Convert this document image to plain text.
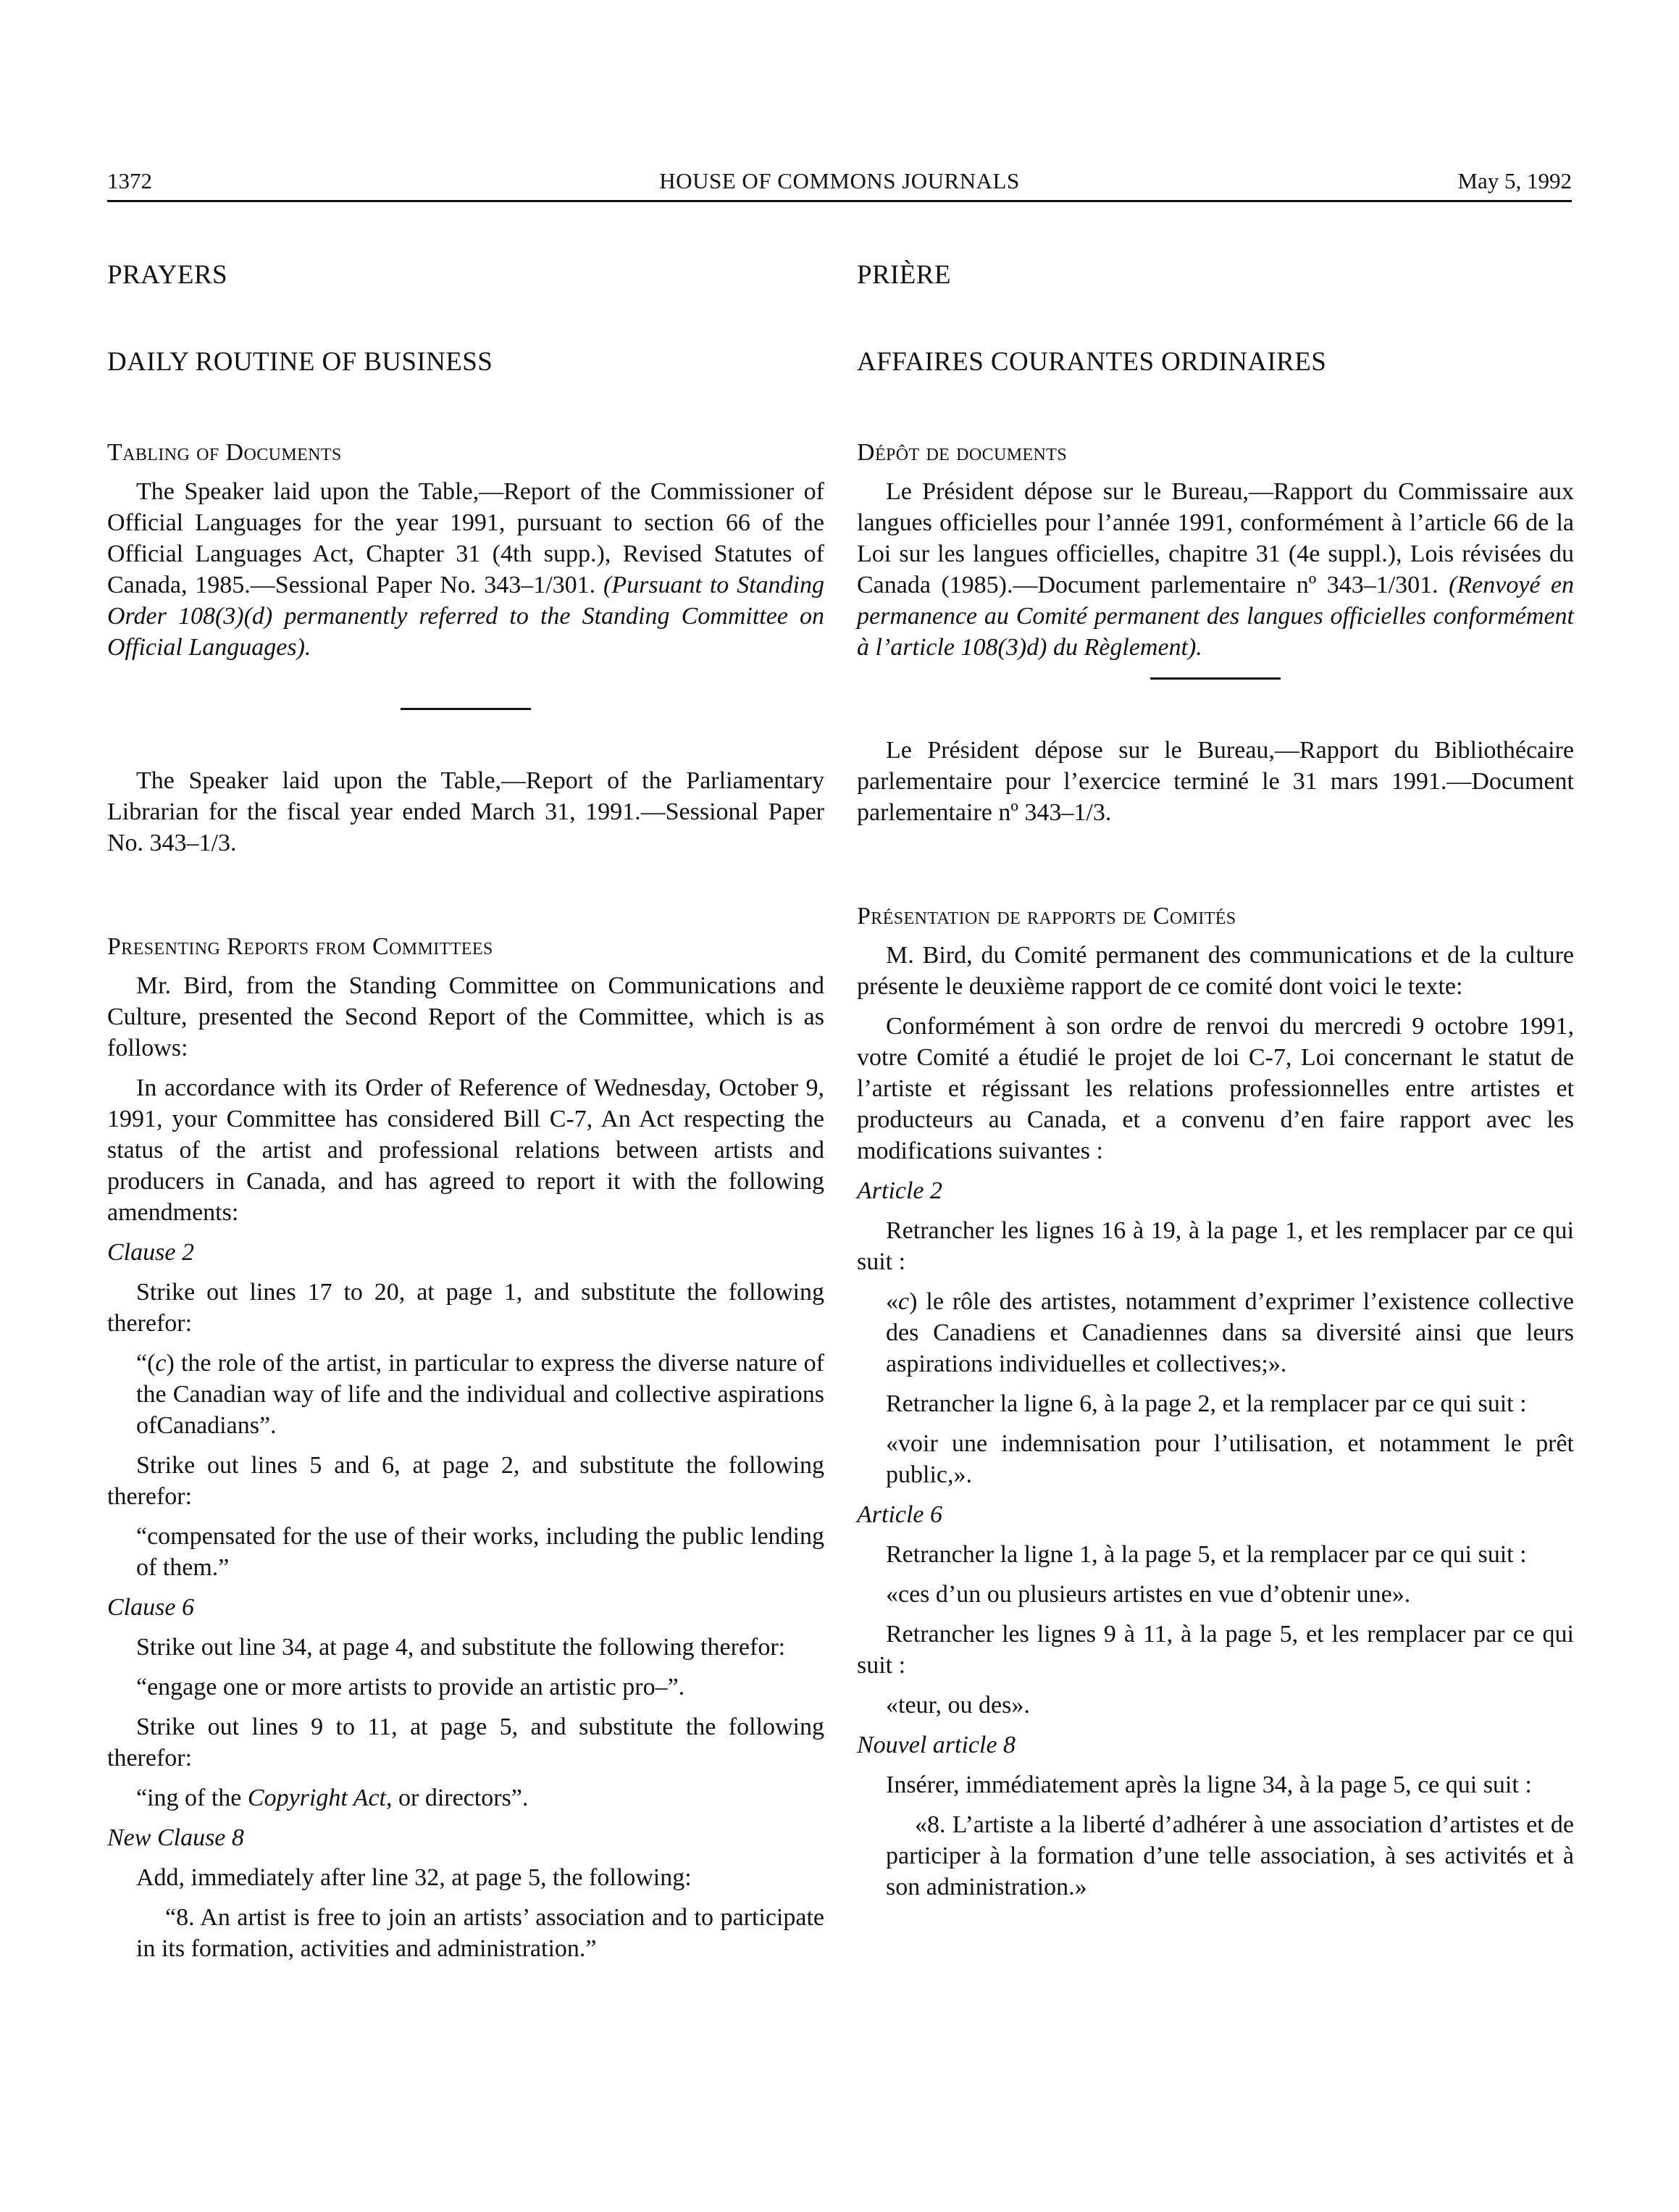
1372	HOUSE OF COMMONS JOURNALS	May 5, 1992
PRAYERS
DAILY ROUTINE OF BUSINESS
Tabling of Documents

The Speaker laid upon the Table,—Report of the Commissioner of Official Languages for the year 1991, pursuant to section 66 of the Official Languages Act, Chapter 31 (4th supp.), Revised Statutes of Canada, 1985.—Sessional Paper No. 343–1/301. (Pursuant to Standing Order 108(3)(d) permanently referred to the Standing Committee on Official Languages).

The Speaker laid upon the Table,—Report of the Parliamentary Librarian for the fiscal year ended March 31, 1991.—Sessional Paper No. 343–1/3.

Presenting Reports from Committees

Mr. Bird, from the Standing Committee on Communications and Culture, presented the Second Report of the Committee, which is as follows:

In accordance with its Order of Reference of Wednesday, October 9, 1991, your Committee has considered Bill C-7, An Act respecting the status of the artist and professional relations between artists and producers in Canada, and has agreed to report it with the following amendments:

Clause 2

Strike out lines 17 to 20, at page 1, and substitute the following therefor:

“(c) the role of the artist, in particular to express the diverse nature of the Canadian way of life and the individual and collective aspirations ofCanadians”.

Strike out lines 5 and 6, at page 2, and substitute the following therefor:

“compensated for the use of their works, including the public lending of them.”

Clause 6

Strike out line 34, at page 4, and substitute the following therefor:

“engage one or more artists to provide an artistic pro–”.

Strike out lines 9 to 11, at page 5, and substitute the following therefor:

“ing of the Copyright Act, or directors”.

New Clause 8

Add, immediately after line 32, at page 5, the following:

“8. An artist is free to join an artists’ association and to participate in its formation, activities and administration.”

PRIÈRE
AFFAIRES COURANTES ORDINAIRES
Dépôt de documents

Le Président dépose sur le Bureau,—Rapport du Commissaire aux langues officielles pour l’année 1991, conformément à l’article 66 de la Loi sur les langues officielles, chapitre 31 (4e suppl.), Lois révisées du Canada (1985).—Document parlementaire nº 343–1/301. (Renvoyé en permanence au Comité permanent des langues officielles conformément à l’article 108(3)d) du Règlement).

Le Président dépose sur le Bureau,—Rapport du Bibliothécaire parlementaire pour l’exercice terminé le 31 mars 1991.—Document parlementaire nº 343–1/3.

Présentation de rapports de Comités

M. Bird, du Comité permanent des communications et de la culture présente le deuxième rapport de ce comité dont voici le texte:

Conformément à son ordre de renvoi du mercredi 9 octobre 1991, votre Comité a étudié le projet de loi C-7, Loi concernant le statut de l’artiste et régissant les relations professionnelles entre artistes et producteurs au Canada, et a convenu d’en faire rapport avec les modifications suivantes :

Article 2

Retrancher les lignes 16 à 19, à la page 1, et les remplacer par ce qui suit :

«c) le rôle des artistes, notamment d’exprimer l’existence collective des Canadiens et Canadiennes dans sa diversité ainsi que leurs aspirations individuelles et collectives;».

Retrancher la ligne 6, à la page 2, et la remplacer par ce qui suit :

«voir une indemnisation pour l’utilisation, et notamment le prêt public,».

Article 6

Retrancher la ligne 1, à la page 5, et la remplacer par ce qui suit :

«ces d’un ou plusieurs artistes en vue d’obtenir une».

Retrancher les lignes 9 à 11, à la page 5, et les remplacer par ce qui suit :

«teur, ou des».

Nouvel article 8

Insérer, immédiatement après la ligne 34, à la page 5, ce qui suit :

«8. L’artiste a la liberté d’adhérer à une association d’artistes et de participer à la formation d’une telle association, à ses activités et à son administration.»
